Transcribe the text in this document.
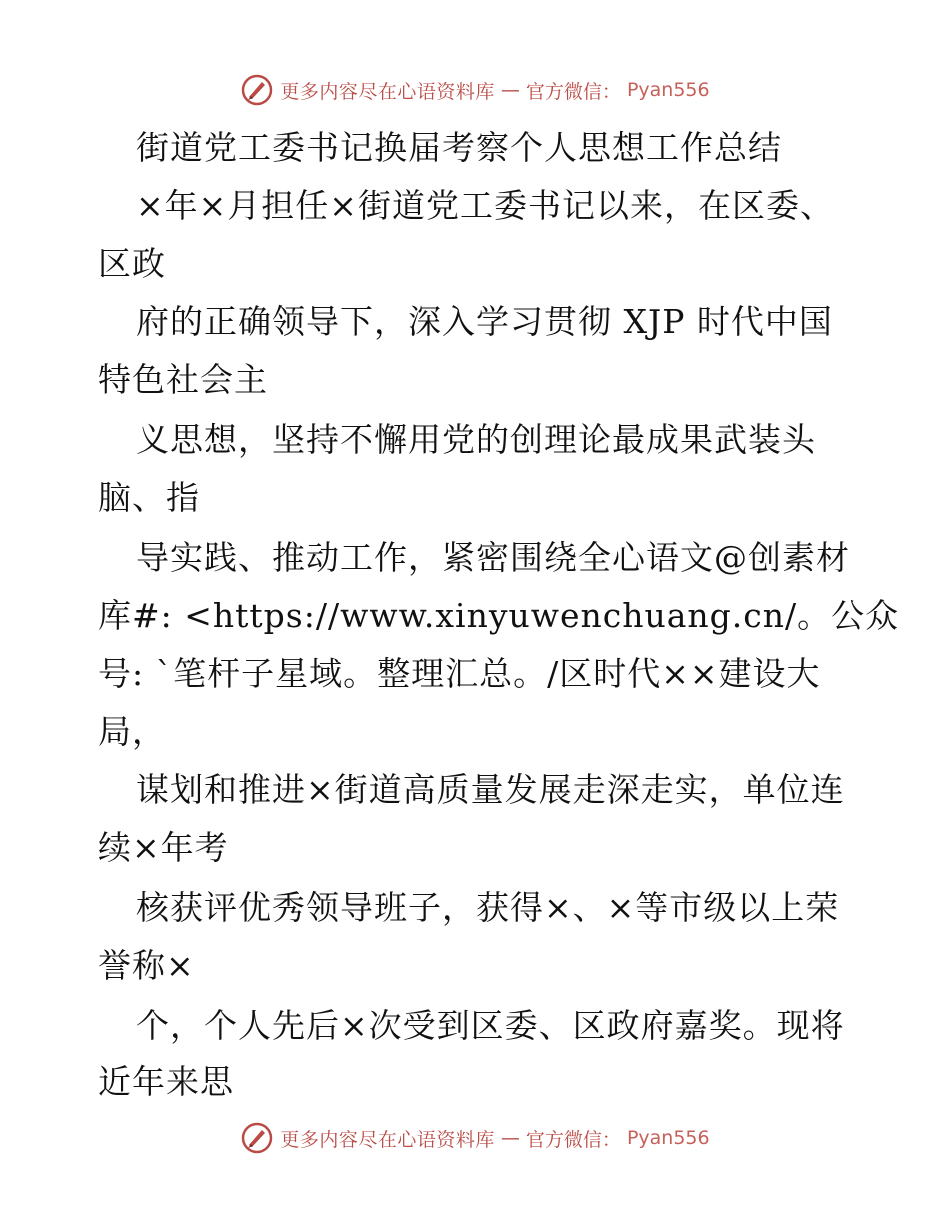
更多内容尽在心语资料库 — 官方微信： Pyan556
街道党工委书记换届考察个人思想工作总结
×年×月担任×街道党工委书记以来，在区委、
区政
府的正确领导下，深入学习贯彻 XJP 时代中国
特色社会主
义思想，坚持不懈用党的创理论最成果武装头
脑、指
导实践、推动工作，紧密围绕全心语文@创素材
库#: <https://www.xinyuwenchuang.cn/。公众
号: `笔杆子星域。整理汇总。/区时代××建设大
局，
谋划和推进×街道高质量发展走深走实，单位连
续×年考
核获评优秀领导班子，获得×、×等市级以上荣
誉称×
个，个人先后×次受到区委、区政府嘉奖。现将
近年来思
更多内容尽在心语资料库 — 官方微信： Pyan556
